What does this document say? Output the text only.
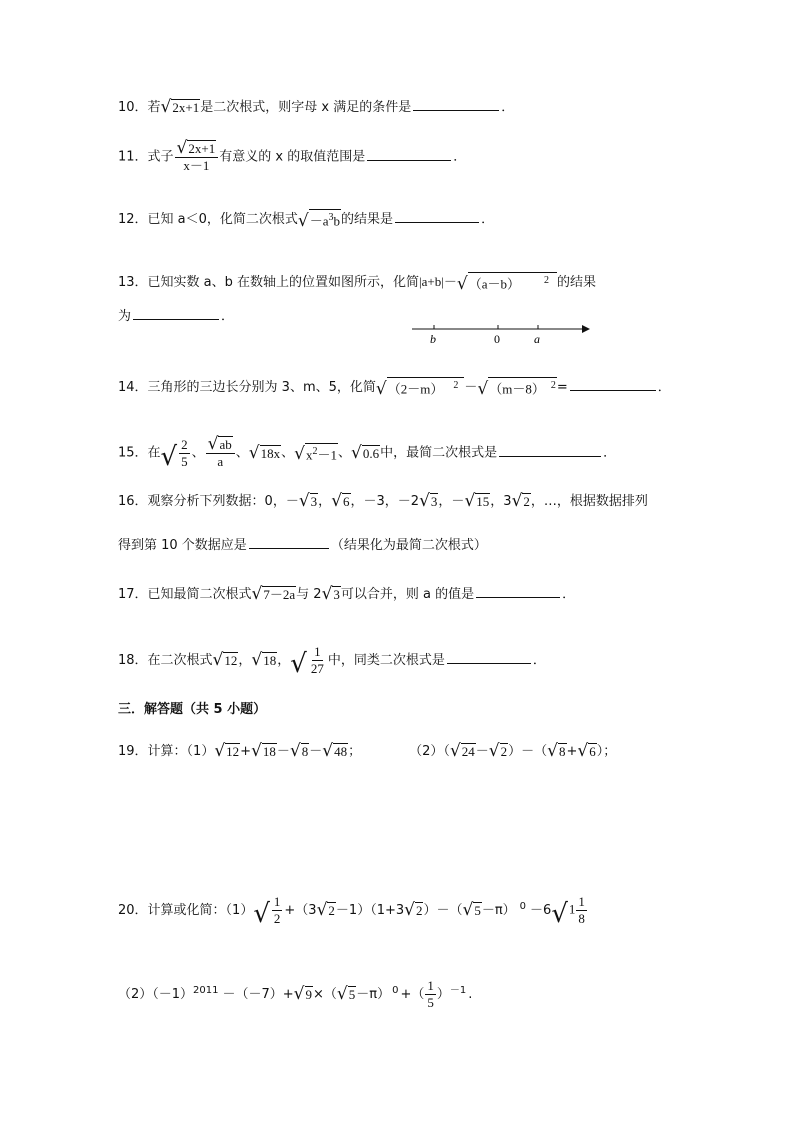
10．若 √ 2x+1 是二次根式，则字母 x 满足的条件是	．
11．式子 $\frac{√ 2x+1}{x-1}$ 有意义的 x 的取值范围是	．
12．已知 a＜0，化简二次根式 √ $-a^3b$ 的结果是	．
13．已知实数 a、b 在数轴上的位置如图所示，化简|a+b|－ √ （a－b） $^2$ 的结果
为	．
b	0	a
14．三角形的三边长分别为 3、m、5，化简 √ （2－m） $^2$ － √ （m－8） $^2$ =	．
15．在 √ $\frac{2}{5}$ 、 $\frac{√ ab}{a}$ 、 √ 18x 、 √ $x^2-1$ 、 √ 0.6 中，最简二次根式是	．
16．观察分析下列数据：0，－ √ 3 ， √ 6 ，－3，－2 √ 3 ，－ √ 15 ，3 √ 2 ，…，根据数据排列
得到第 10 个数据应是	（结果化为最简二次根式）
17．已知最简二次根式 √ 7－2a 与 2 √ 3 可以合并，则 a 的值是	．
18．在二次根式 √ 12 ， √ 18 ， √ $\frac{1}{27}$ 中，同类二次根式是	．
三．解答题（共 5 小题）
19．计算：（1） √ 12 + √ 18 － √ 8 － √ 48 ；	（2）（ √ 24 － √ 2 ）－（ √ 8 + √ 6 ）；
20．计算或化简：（1） √ $\frac{1}{2} +(3$ √ 2 －1）（1+3 √ 2 ）－（ √ 5 －π） $^0$ －6 √ $1 \frac{1}{8}$
$(2)(-1)^{2011} -(-7)+$ √ 9 ×（ √ 5 －π） $^0$ +（ $\frac{1}{5} )^{-1}$ .
